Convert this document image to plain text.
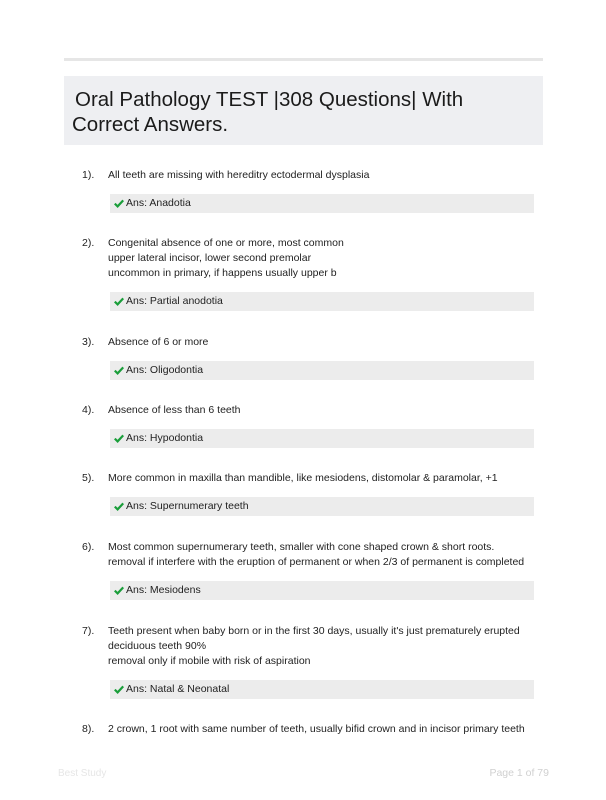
Oral Pathology TEST |308 Questions| With
Correct Answers.
1). All teeth are missing with hereditry ectodermal dysplasia
Ans: Anadotia
2). Congenital absence of one or more, most common
upper lateral incisor, lower second premolar
uncommon in primary, if happens usually upper b
Ans: Partial anodotia
3). Absence of 6 or more
Ans: Oligodontia
4). Absence of less than 6 teeth
Ans: Hypodontia
5). More common in maxilla than mandible, like mesiodens, distomolar & paramolar, +1
Ans: Supernumerary teeth
6). Most common supernumerary teeth, smaller with cone shaped crown & short roots.
removal if interfere with the eruption of permanent or when 2/3 of permanent is completed
Ans: Mesiodens
7). Teeth present when baby born or in the first 30 days, usually it's just prematurely erupted
deciduous teeth 90%
removal only if mobile with risk of aspiration
Ans: Natal & Neonatal
8). 2 crown, 1 root with same number of teeth, usually bifid crown and in incisor primary teeth
Best Study	Page 1 of 79
